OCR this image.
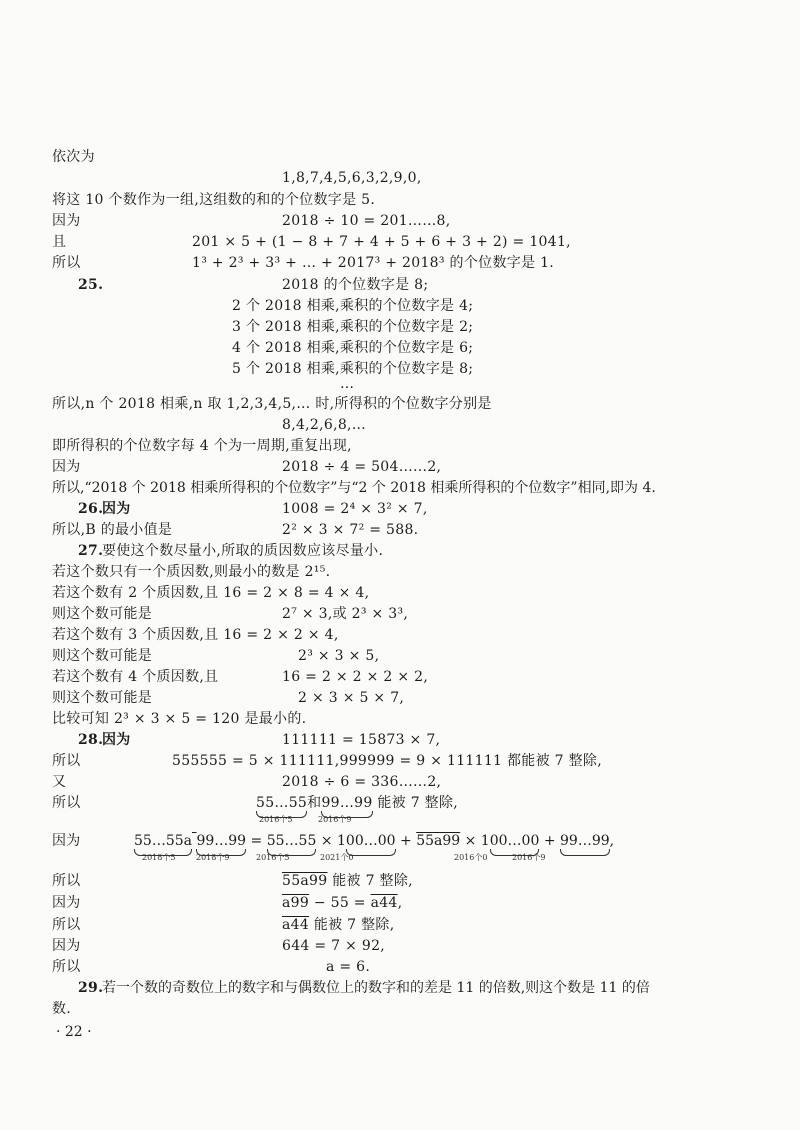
依次为
1,8,7,4,5,6,3,2,9,0,
将这 10 个数作为一组,这组数的和的个位数字是 5.
因为	2018 ÷ 10 = 201……8,
且	201 × 5 + (1 − 8 + 7 + 4 + 5 + 6 + 3 + 2) = 1041,
所以	1³ + 2³ + 3³ + … + 2017³ + 2018³ 的个位数字是 1.
25.	2018 的个位数字是 8;
2 个 2018 相乘,乘积的个位数字是 4;
3 个 2018 相乘,乘积的个位数字是 2;
4 个 2018 相乘,乘积的个位数字是 6;
5 个 2018 相乘,乘积的个位数字是 8;
…
所以,n 个 2018 相乘,n 取 1,2,3,4,5,… 时,所得积的个位数字分别是
8,4,2,6,8,…
即所得积的个位数字每 4 个为一周期,重复出现,
因为	2018 ÷ 4 = 504……2,
所以,“2018 个 2018 相乘所得积的个位数字”与“2 个 2018 相乘所得积的个位数字”相同,即为 4.
26.
因为	1008 = 2⁴ × 3² × 7,
所以,B 的最小值是	2² × 3 × 7² = 588.
27.
要使这个数尽量小,所取的质因数应该尽量小.
若这个数只有一个质因数,则最小的数是 2¹⁵.
若这个数有 2 个质因数,且 16 = 2 × 8 = 4 × 4,
则这个数可能是	2⁷ × 3,或 2³ × 3³,
若这个数有 3 个质因数,且 16 = 2 × 2 × 4,
则这个数可能是	2³ × 3 × 5,
若这个数有 4 个质因数,且	16 = 2 × 2 × 2 × 2,
则这个数可能是	2 × 3 × 5 × 7,
比较可知 2³ × 3 × 5 = 120 是最小的.
28.
因为	111111 = 15873 × 7,
所以	555555 = 5 × 111111,999999 = 9 × 111111 都能被 7 整除,
又	2018 ÷ 6 = 336……2,
所以	55…55和99…99 能被 7 整除,
2016个5	2016个9
因为	55…55a 99…99 = 55…55 × 100…00 + 55a99 × 100…00 + 99…99,
2018个5	2018个9	2016个5	2021个0	2016个0	2016个9
所以	55a99 能被 7 整除,
因为	a99 − 55 = a44,
所以	a44 能被 7 整除,
因为	644 = 7 × 92,
所以	a = 6.
29.
若一个数的奇数位上的数字和与偶数位上的数字和的差是 11 的倍数,则这个数是 11 的倍
数.
· 22 ·
